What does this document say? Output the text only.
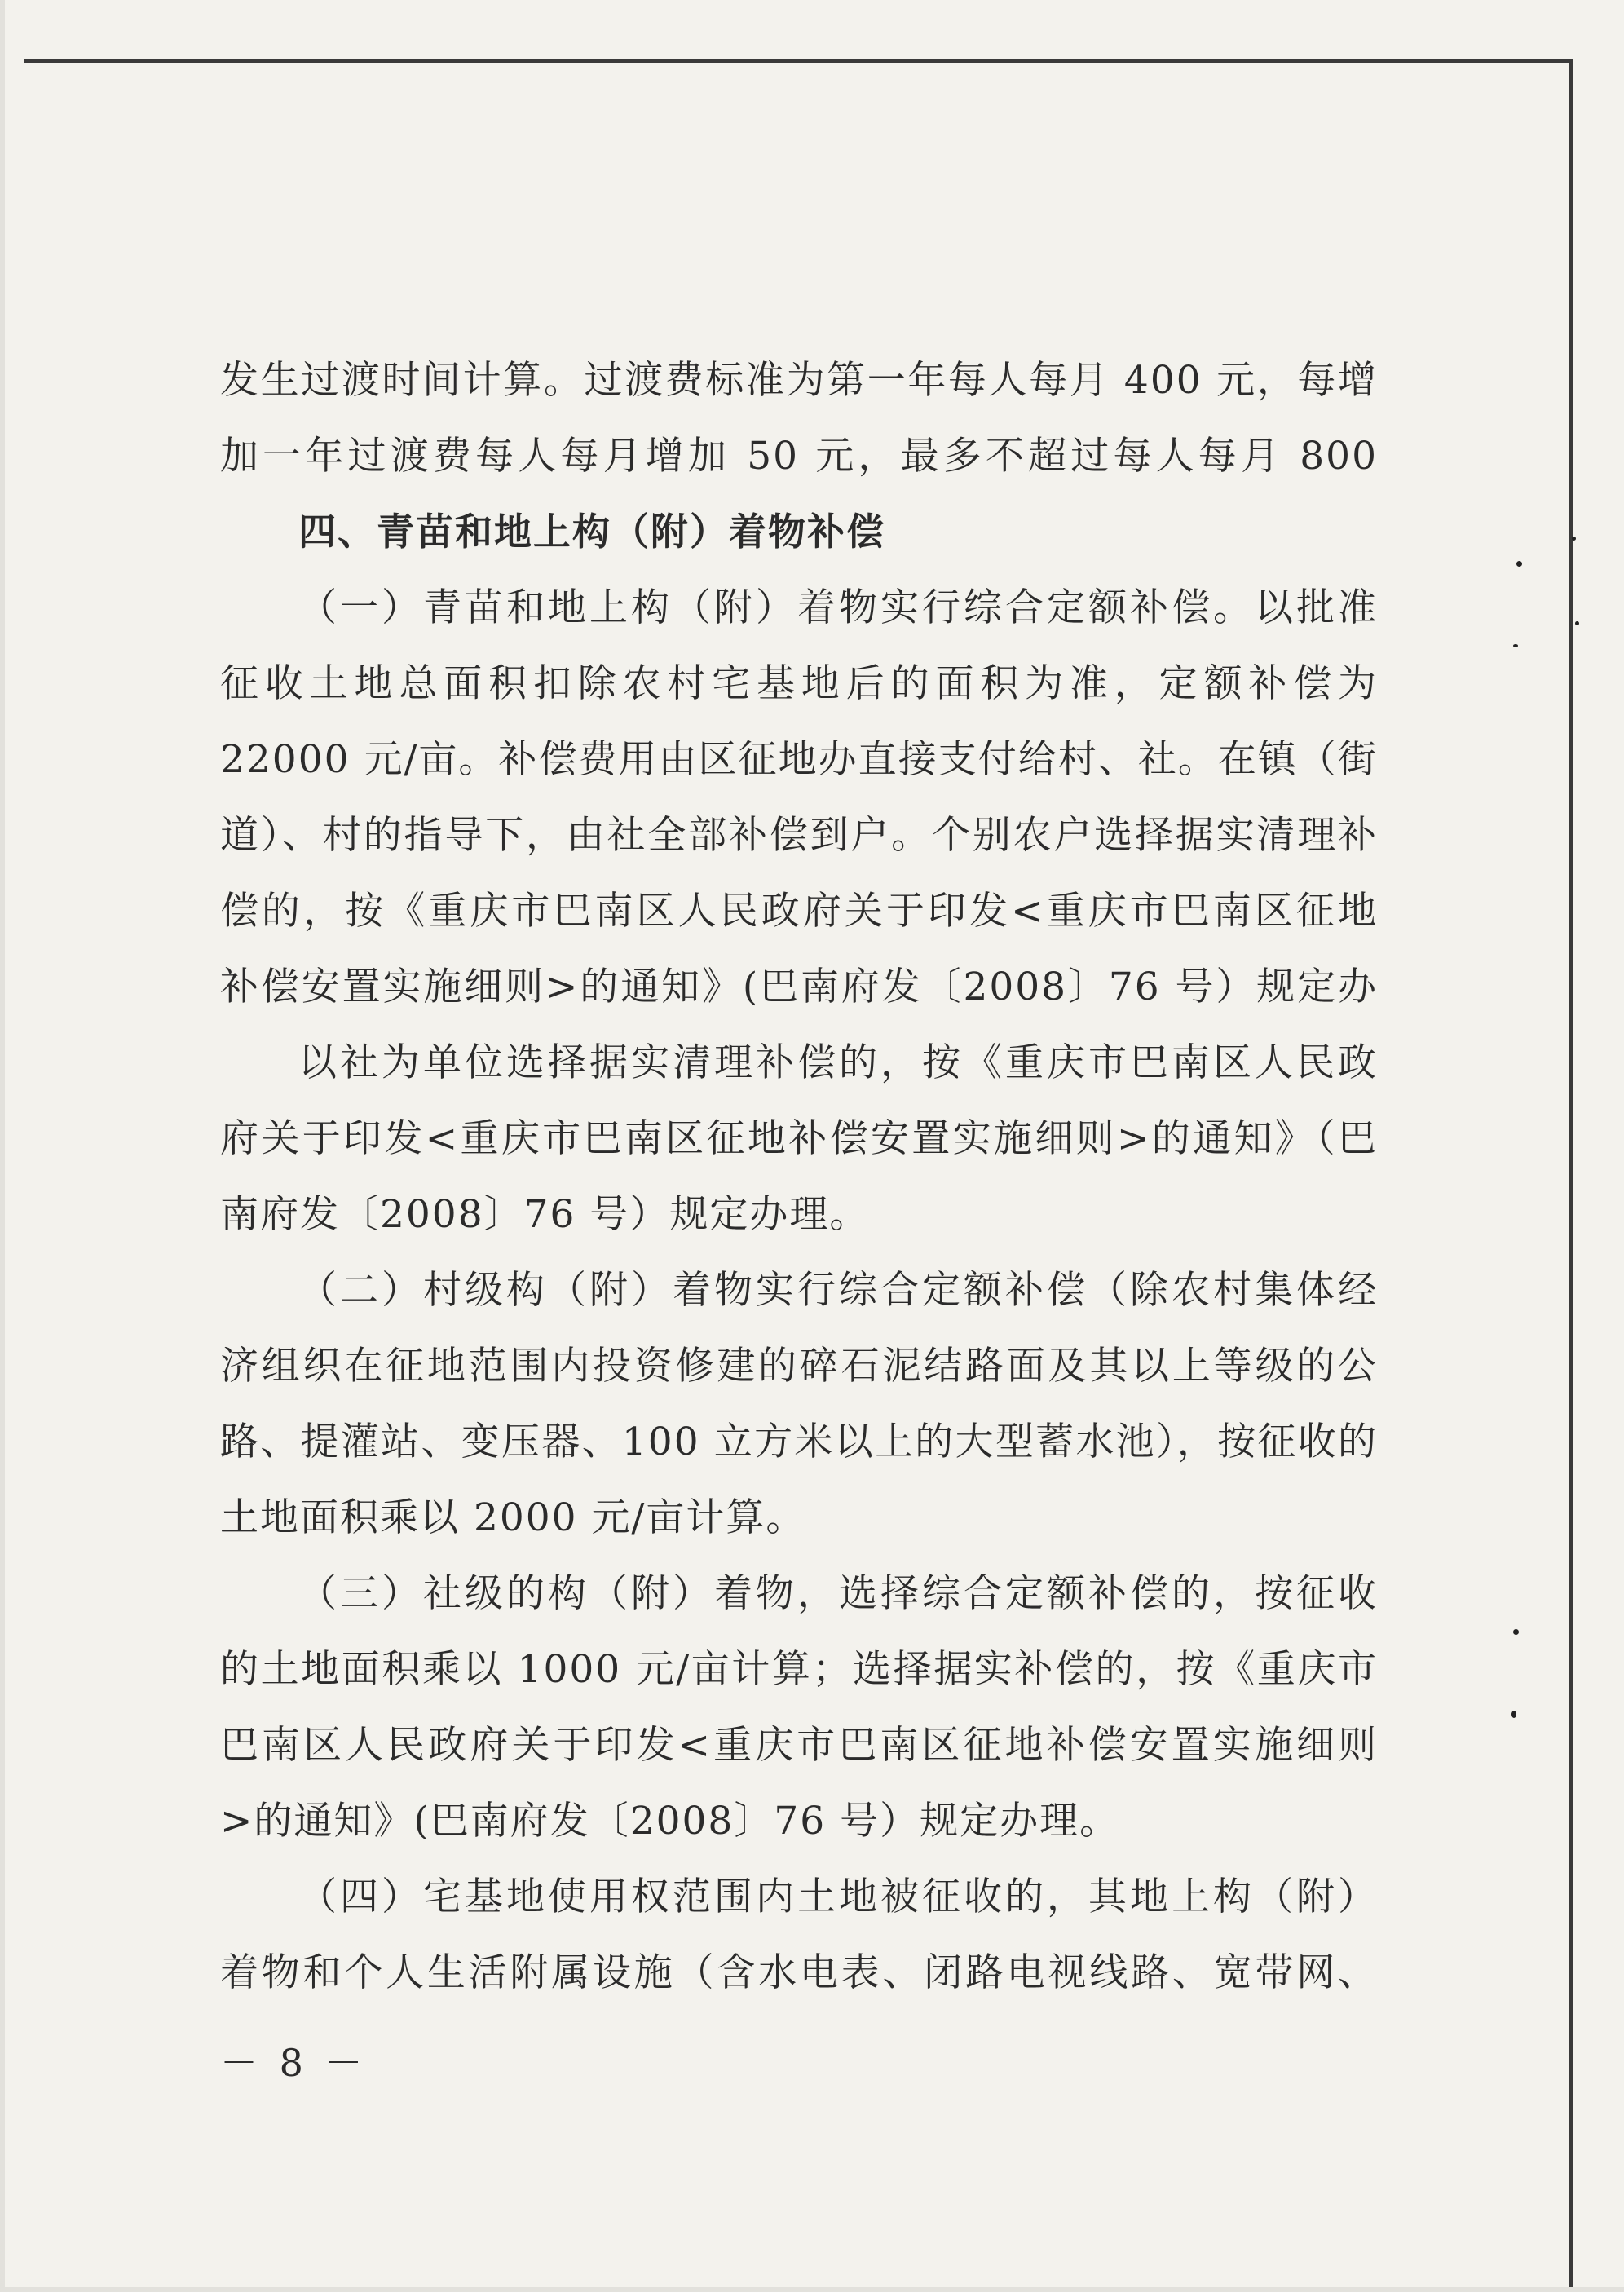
发生过渡时间计算。过渡费标准为第一年每人每月 400 元，每增
加一年过渡费每人每月增加 50 元，最多不超过每人每月 800
四、青苗和地上构（附）着物补偿
（一）青苗和地上构（附）着物实行综合定额补偿。以批准
征收土地总面积扣除农村宅基地后的面积为准，定额补偿为
22000 元/亩。补偿费用由区征地办直接支付给村、社。在镇（街
道）、村的指导下，由社全部补偿到户。个别农户选择据实清理补
偿的，按《重庆市巴南区人民政府关于印发<重庆市巴南区征地
补偿安置实施细则>的通知》(巴南府发〔2008〕76 号）规定办
以社为单位选择据实清理补偿的，按《重庆市巴南区人民政
府关于印发<重庆市巴南区征地补偿安置实施细则>的通知》（巴
南府发〔2008〕76 号）规定办理。
（二）村级构（附）着物实行综合定额补偿（除农村集体经
济组织在征地范围内投资修建的碎石泥结路面及其以上等级的公
路、提灌站、变压器、100 立方米以上的大型蓄水池），按征收的
土地面积乘以 2000 元/亩计算。
（三）社级的构（附）着物，选择综合定额补偿的，按征收
的土地面积乘以 1000 元/亩计算；选择据实补偿的，按《重庆市
巴南区人民政府关于印发<重庆市巴南区征地补偿安置实施细则
>的通知》(巴南府发〔2008〕76 号）规定办理。
（四）宅基地使用权范围内土地被征收的，其地上构（附）
着物和个人生活附属设施（含水电表、闭路电视线路、宽带网、
－ 8 －
